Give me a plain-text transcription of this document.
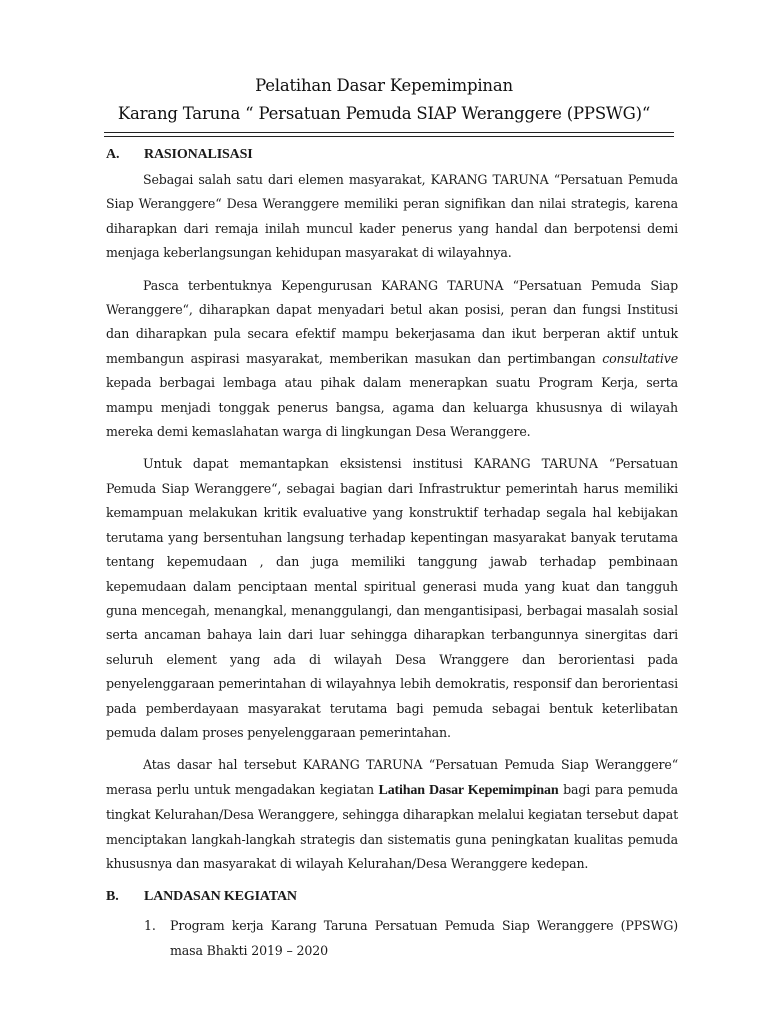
Pelatihan Dasar Kepemimpinan
Karang Taruna “ Persatuan Pemuda SIAP Weranggere (PPSWG)“
A.	RASIONALISASI

Sebagai salah satu dari elemen masyarakat, KARANG TARUNA “Persatuan Pemuda Siap Weranggere“ Desa Weranggere memiliki peran signifikan dan nilai strategis, karena diharapkan dari remaja inilah muncul kader penerus yang handal dan berpotensi demi menjaga keberlangsungan kehidupan masyarakat di wilayahnya.

Pasca terbentuknya Kepengurusan KARANG TARUNA “Persatuan Pemuda Siap Weranggere“, diharapkan dapat menyadari betul akan posisi, peran dan fungsi Institusi dan diharapkan pula secara efektif mampu bekerjasama dan ikut berperan aktif untuk membangun aspirasi masyarakat, memberikan masukan dan pertimbangan consultative kepada berbagai lembaga atau pihak dalam menerapkan suatu Program Kerja, serta mampu menjadi tonggak penerus bangsa, agama dan keluarga khususnya di wilayah mereka demi kemaslahatan warga di lingkungan Desa Weranggere.

Untuk dapat memantapkan eksistensi institusi KARANG TARUNA “Persatuan Pemuda Siap Weranggere“, sebagai bagian dari Infrastruktur pemerintah harus memiliki kemampuan melakukan kritik evaluative yang konstruktif terhadap segala hal kebijakan terutama yang bersentuhan langsung terhadap kepentingan masyarakat banyak terutama tentang kepemudaan , dan juga memiliki tanggung jawab terhadap pembinaan kepemudaan dalam penciptaan mental spiritual generasi muda yang kuat dan tangguh guna mencegah, menangkal, menanggulangi, dan mengantisipasi, berbagai masalah sosial serta ancaman bahaya lain dari luar sehingga diharapkan terbangunnya sinergitas dari seluruh element yang ada di wilayah Desa Wranggere dan berorientasi pada penyelenggaraan pemerintahan di wilayahnya lebih demokratis, responsif dan berorientasi pada pemberdayaan masyarakat terutama bagi pemuda sebagai bentuk keterlibatan pemuda dalam proses penyelenggaraan pemerintahan.

Atas dasar hal tersebut KARANG TARUNA “Persatuan Pemuda Siap Weranggere“ merasa perlu untuk mengadakan kegiatan Latihan Dasar Kepemimpinan bagi para pemuda tingkat Kelurahan/Desa Weranggere, sehingga diharapkan melalui kegiatan tersebut dapat menciptakan langkah-langkah strategis dan sistematis guna peningkatan kualitas pemuda khususnya dan masyarakat di wilayah Kelurahan/Desa Weranggere kedepan.

B.	LANDASAN KEGIATAN
1.	Program kerja Karang Taruna Persatuan Pemuda Siap Weranggere (PPSWG) masa Bhakti 2019 – 2020
